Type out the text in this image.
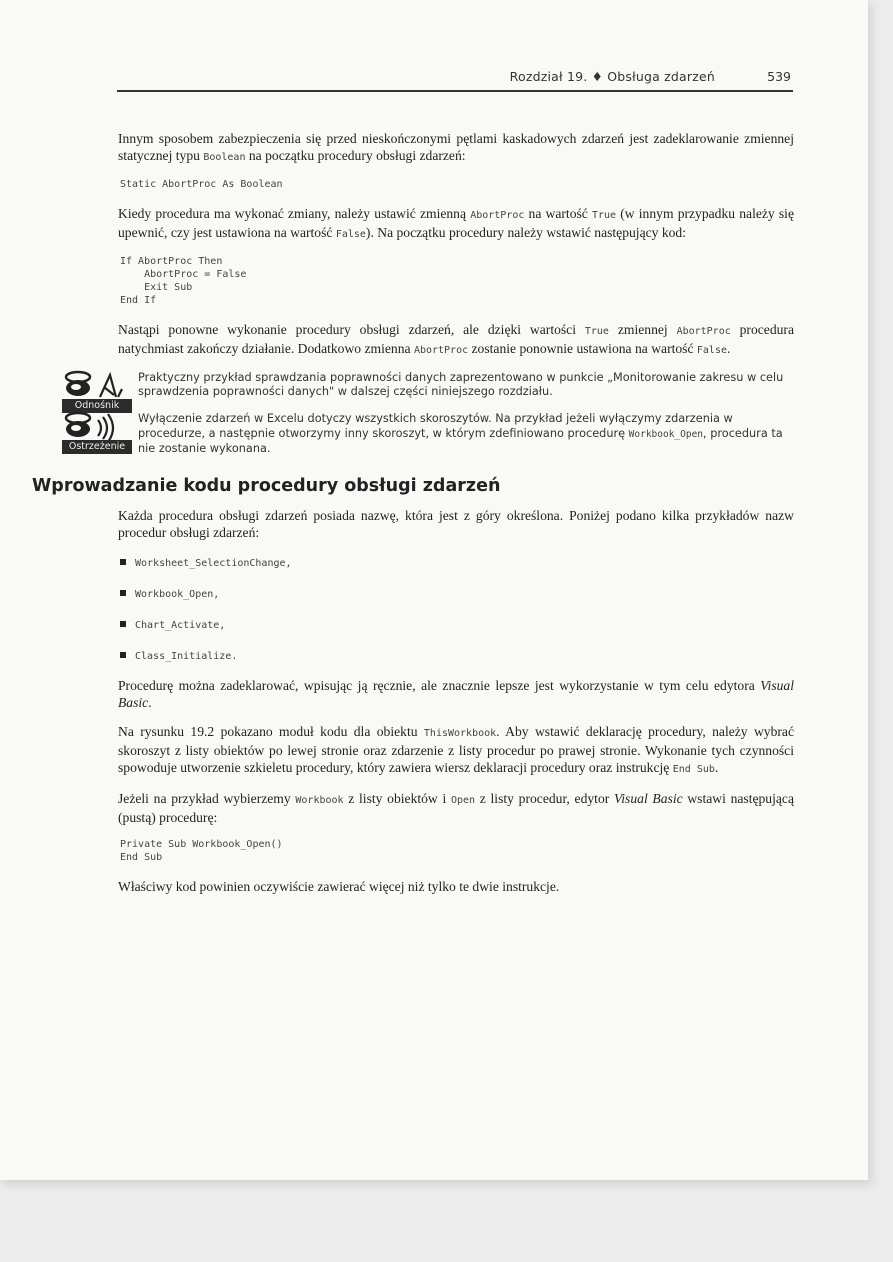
Rozdział 19. ♦ Obsługa zdarzeń	539

Innym sposobem zabezpieczenia się przed nieskończonymi pętlami kaskadowych zdarzeń jest zadeklarowanie zmiennej statycznej typu Boolean na początku procedury obsługi zdarzeń:

Static AbortProc As Boolean

Kiedy procedura ma wykonać zmiany, należy ustawić zmienną AbortProc na wartość True (w innym przypadku należy się upewnić, czy jest ustawiona na wartość False). Na początku procedury należy wstawić następujący kod:

If AbortProc Then
AbortProc = False
Exit Sub
End If

Nastąpi ponowne wykonanie procedury obsługi zdarzeń, ale dzięki wartości True zmiennej AbortProc procedura natychmiast zakończy działanie. Dodatkowo zmienna AbortProc zostanie ponownie ustawiona na wartość False.

Odnośnik
Praktyczny przykład sprawdzania poprawności danych zaprezentowano w punkcie „Monitorowanie zakresu w celu sprawdzenia poprawności danych" w dalszej części niniejszego rozdziału.
Ostrzeżenie
Wyłączenie zdarzeń w Excelu dotyczy wszystkich skoroszytów. Na przykład jeżeli wyłączymy zdarzenia w procedurze, a następnie otworzymy inny skoroszyt, w którym zdefiniowano procedurę Workbook_Open, procedura ta nie zostanie wykonana.
Wprowadzanie kodu procedury obsługi zdarzeń

Każda procedura obsługi zdarzeń posiada nazwę, która jest z góry określona. Poniżej podano kilka przykładów nazw procedur obsługi zdarzeń:

Worksheet_SelectionChange,
Workbook_Open,
Chart_Activate,
Class_Initialize.

Procedurę można zadeklarować, wpisując ją ręcznie, ale znacznie lepsze jest wykorzystanie w tym celu edytora Visual Basic.

Na rysunku 19.2 pokazano moduł kodu dla obiektu ThisWorkbook. Aby wstawić deklarację procedury, należy wybrać skoroszyt z listy obiektów po lewej stronie oraz zdarzenie z listy procedur po prawej stronie. Wykonanie tych czynności spowoduje utworzenie szkieletu procedury, który zawiera wiersz deklaracji procedury oraz instrukcję End Sub.

Jeżeli na przykład wybierzemy Workbook z listy obiektów i Open z listy procedur, edytor Visual Basic wstawi następującą (pustą) procedurę:

Private Sub Workbook_Open()
End Sub

Właściwy kod powinien oczywiście zawierać więcej niż tylko te dwie instrukcje.
